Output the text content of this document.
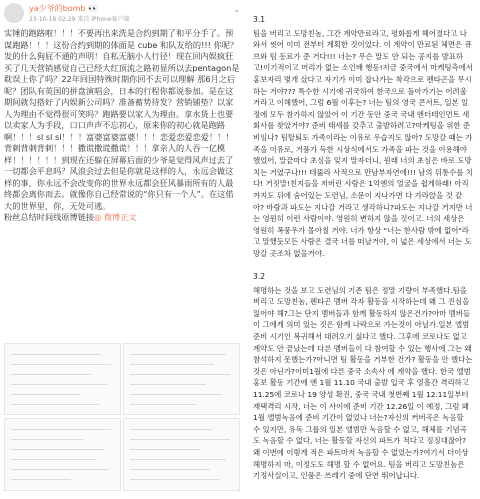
ya少爷的bomb 👀
23-10-18 02:29 来自 iPhone客户端
⌄
实锤的跑路啦！！！不要再出来洗是合约到期了和平分手了。预谋跑路！！！这份合约到期的体面是 cube 和队友给的!!! 你呢？ 发的什么狗屁不通的声明！自私无脑小人行径！现在回内娱疯狂买了几天营销感觉自己已经大红顶流之路初显所以去pentagon是耽误上你了吗？22年回国特殊时期你回不去可以理解 那6月之后呢？团队有英国的拼盘演唱会，日本的行程你都说参加。是在这期间就勾搭好了内娱新公司吗？准备蓄势待发？营销铺垫？以家人为理由不觉得很可笑吗？跑路要以家人为理由。拿水货上也要以卖家人为手段，口口声声不忘初心，原来你的初心就是跑路啊！！！sl sl sl！！！富婆富婆富婆！！！恋爱恋爱恋爱！！！背刺背刺背刺！！！撒谎撒谎撒谎！！！拿亲人的人吞一亿模样！！！！！！到现在还躲在屏幕后面的少爷是觉得风声过去了一切都会平息吗？风浪会过去但是你就是这样的人，永远会做这样的事，你永远不会改变你的世界永远都会狂风暴雨所有的人最终都会离你而去。就像你自己经常说的“你只有一个人”。在这偌大的世界里，你，无处可逃。
粉丝总结时间线原博链接◎ 微博正文
3.1
팀을 버리고 도망친놈, 그간 계약만료라고, 평화롭게 헤어졌다고 나와서 씻어 이미 전부터 계획한 것이었다. 이 계약이 만료된 체면은 큐브와 팀 동료가 준 거다!!! 너는? 무슨 말도 안 되는 공지를 발표하고!이기적이고 머리가 없는 소인배 행동!지금 중국에서 마케팅측에서 홍보자리 몇개 샀다고 자기가 이미 잡나가는 착각으로 펜타곤을 무시하는 거야??? 특수한 시기에 귀국하여 한국으로 돌아가기는 어려울 거라고 이해했어, 그럼 6월 이후는? 너는 팀의 영국 콘서트, 일본 일정에 모두 참가하지 않았어 이 기간 동안 중국 국내 엔터테인먼트 새 회사를 찾았거야? 준비 태세를 갖추고 출발하려고?마케팅을 위한 준비임나? 팀탈퇴도 가족이라는 이유로 우습지도 않아? 도망갈 때는 가족을 이유로, 거품가 득한 시상식에서도 가족을 파는 것을 이용해야 했었어, 말끝마다 초심을 잊지 말자더니, 원래 너의 초심은 바로 도망치는 거였구나!!! 테뚫라 사적으로 만남부자연애!!! 남의 뒤통수를 치다! 거짓말!친지들을 저버린 사람은 1억엔의 얼굴을 쉽게하래! 아직까지도 뒤에 숨어있는 도련님, 소문이 지나가면 다 가라앉을 것 같아? 바람과 파도는 지나갈 거라고 생각하니?파도는 지나갈 거지만 너는 영원히 이런 사람이야. 영원히 변하지 않을 것이고. 너의 세상은 영원히 폭풍우가 몰아칠 거야. 너가 항상 "너는 한사람 밖에 없어"라고 말했듯모든 사람은 결국 너를 떠날거야, 이 넓은 세상에서 너는 도망갈 곳조차 없을거야.
3.2
해명하는 것을 보고 도련님의 기존 팀은 정말 기량이 부족했다.팀을 버리고 도망친놈, 펜타곤 멤버 각자 활동을 시작하는데 왜 그 진심을 잃어야 해?그는 단지 멤버들과 함께 활동하지 않은건가?아마 멤버들이 그에게 의미 있는 것은 함께 나락으로 가는것이 아닐가.일본 앨범 준비 시기인 복귀해서 대려오기 싫다고 했다. 그후에 코로나도 없고 계약도 안 끝났는데 다른 멤버들이 다 참여할 수 있는 행사에 그는 왜 참석하지 못했는가?아니면 팀 활동을 거부한 건가? 활동을 안 했다는 것은 아닌가?이미1월에 다른 중국 소속사 에 계약을 했다. 한국 앨범홍보 활동 기간에 앤 1월 11.10 국내 출발 입국 후 열흘간 격리하고 11.25에 코로나 19 양성 확진, 중국 국내 첫번째 1월 12.11일부터 재택격리 시작, 너는 이 사이에 준비 기간 12.26일 이 예정, 그럼 왜 1월 앨범녹음에 준비 기간이 없었나 너는?자신의 커버곡은 녹음할 수 있지만, 유독 그룹의 일본 앨범만 녹음할 수 없고, 해체를 기념곡도 녹음할 수 없다, 너는 활동할 자신의 파트가 적다고 징징대잖아?왜 이번에 이렇게 적은 파트마저 녹음할 수 없었는가?여기서 더이상 해명하지 마, 이정도도 해명 할 수 없어요. 팀을 버리고 도망친놈은 기정사실이고, 인품은 쓰레기 중에 단연 뛰어납니다.
